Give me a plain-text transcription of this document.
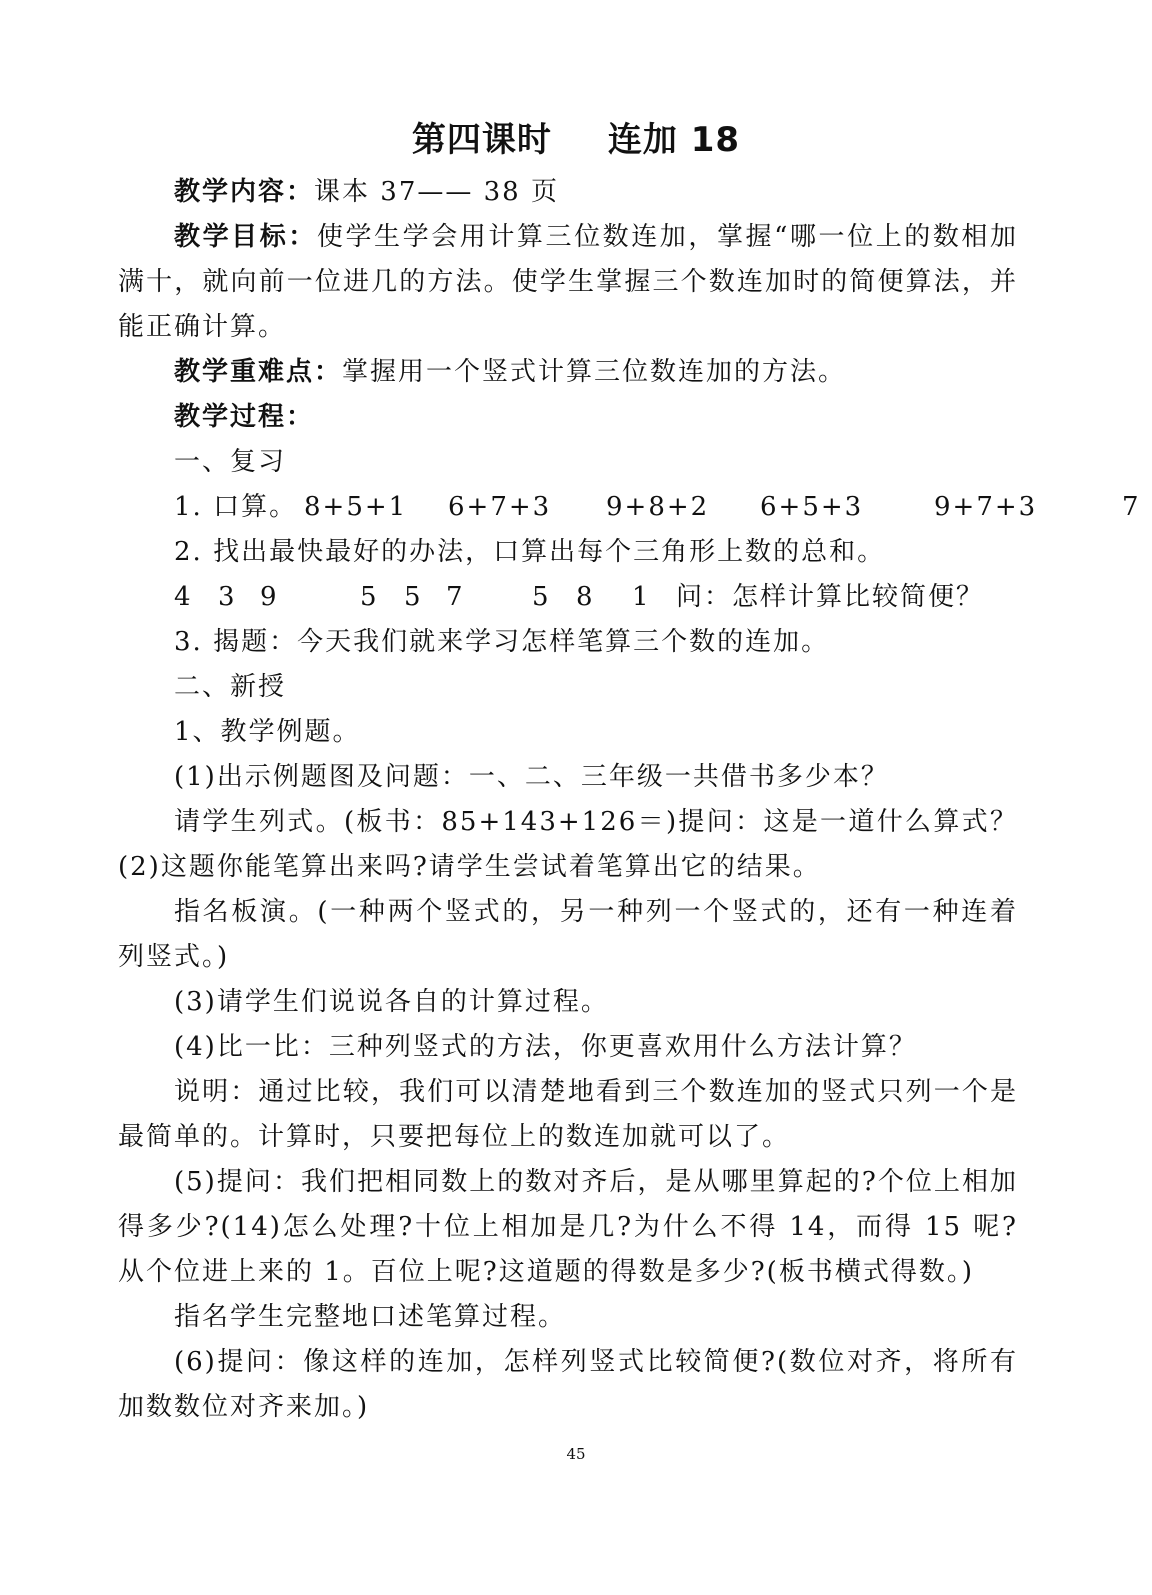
第四课时 连加 18

教学内容：课本 37—— 38 页

教学目标：使学生学会用计算三位数连加，掌握“哪一位上的数相加满十，就向前一位进几的方法。使学生掌握三个数连加时的简便算法，并能正确计算。

教学重难点：掌握用一个竖式计算三位数连加的方法。

教学过程：

一、复习

1. 口算。 8+5+1 6+7+3 9+8+2 6+5+3	9+7+3	7

2. 找出最快最好的办法，口算出每个三角形上数的总和。

4 3 9	5 5 7	5 8 1 问：怎样计算比较简便？

3. 揭题：今天我们就来学习怎样笔算三个数的连加。

二、新授

1、教学例题。

(1)出示例题图及问题：一、二、三年级一共借书多少本？

请学生列式。(板书：85+143+126＝)提问：这是一道什么算式？(2)这题你能笔算出来吗?请学生尝试着笔算出它的结果。

指名板演。(一种两个竖式的，另一种列一个竖式的，还有一种连着列竖式。)

(3)请学生们说说各自的计算过程。

(4)比一比：三种列竖式的方法，你更喜欢用什么方法计算？

说明：通过比较，我们可以清楚地看到三个数连加的竖式只列一个是最简单的。计算时，只要把每位上的数连加就可以了。

(5)提问：我们把相同数上的数对齐后，是从哪里算起的?个位上相加得多少?(14)怎么处理?十位上相加是几?为什么不得 14，而得 15 呢?从个位进上来的 1。百位上呢?这道题的得数是多少?(板书横式得数。)

指名学生完整地口述笔算过程。

(6)提问：像这样的连加，怎样列竖式比较简便?(数位对齐，将所有加数数位对齐来加。)

45
